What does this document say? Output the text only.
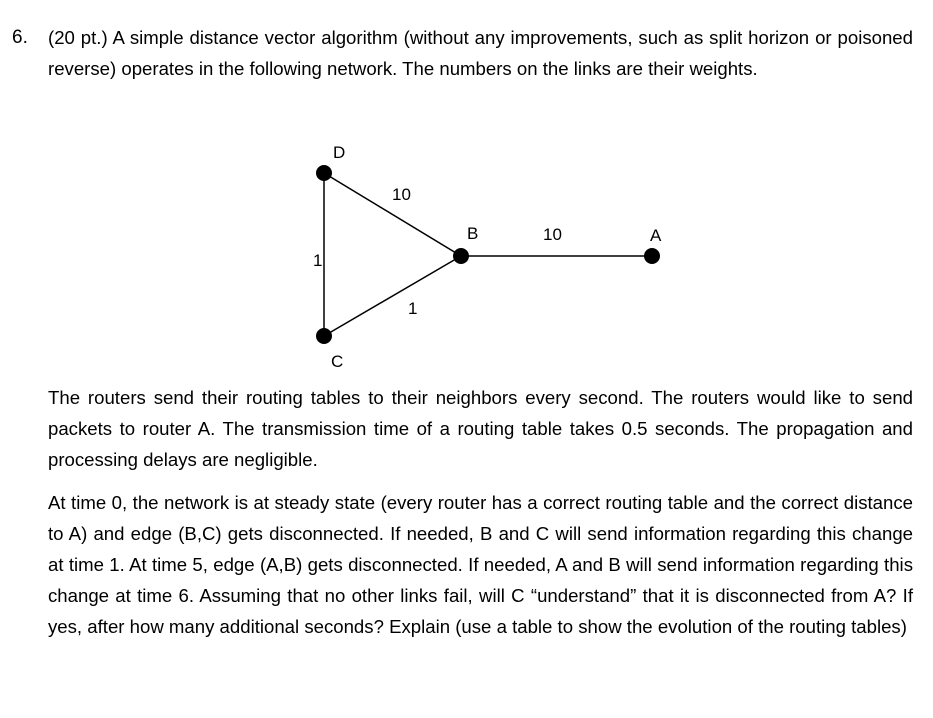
6. (20 pt.) A simple distance vector algorithm (without any improvements, such as split horizon or poisoned reverse) operates in the following network. The numbers on the links are their weights.

D
C
B	A
10
1
1
10

The routers send their routing tables to their neighbors every second. The routers would like to send packets to router A. The transmission time of a routing table takes 0.5 seconds. The propagation and processing delays are negligible.

At time 0, the network is at steady state (every router has a correct routing table and the correct distance to A) and edge (B,C) gets disconnected. If needed, B and C will send information regarding this change at time 1. At time 5, edge (A,B) gets disconnected. If needed, A and B will send information regarding this change at time 6. Assuming that no other links fail, will C “understand” that it is disconnected from A? If yes, after how many additional seconds? Explain (use a table to show the evolution of the routing tables)
